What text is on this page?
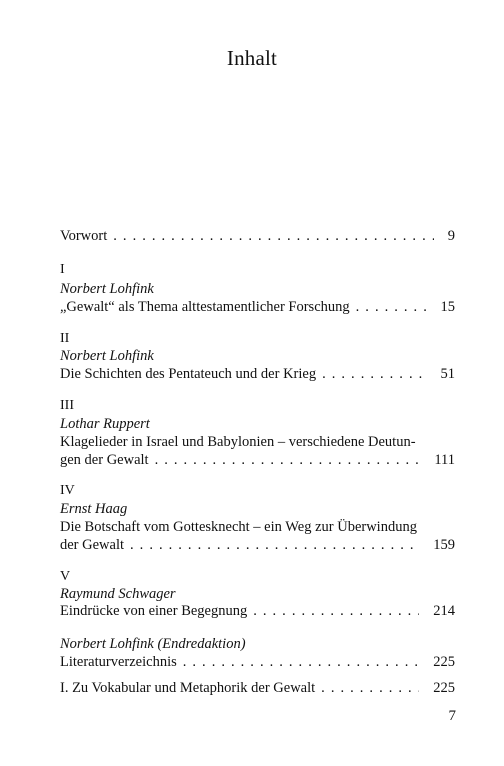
Inhalt
Vorwort . . .	9
I
Norbert Lohfink
„Gewalt“ als Thema alttestamentlicher Forschung . . .	15
II
Norbert Lohfink
Die Schichten des Pentateuch und der Krieg . . .	51
III
Lothar Ruppert
Klagelieder in Israel und Babylonien – verschiedene Deutun-
gen der Gewalt . . .	111
IV
Ernst Haag
Die Botschaft vom Gottesknecht – ein Weg zur Überwindung
der Gewalt . . .	159
V
Raymund Schwager
Eindrücke von einer Begegnung . . .	214
Norbert Lohfink (Endredaktion)
Literaturverzeichnis . . .	225
I. Zu Vokabular und Metaphorik der Gewalt . . .	225
7
